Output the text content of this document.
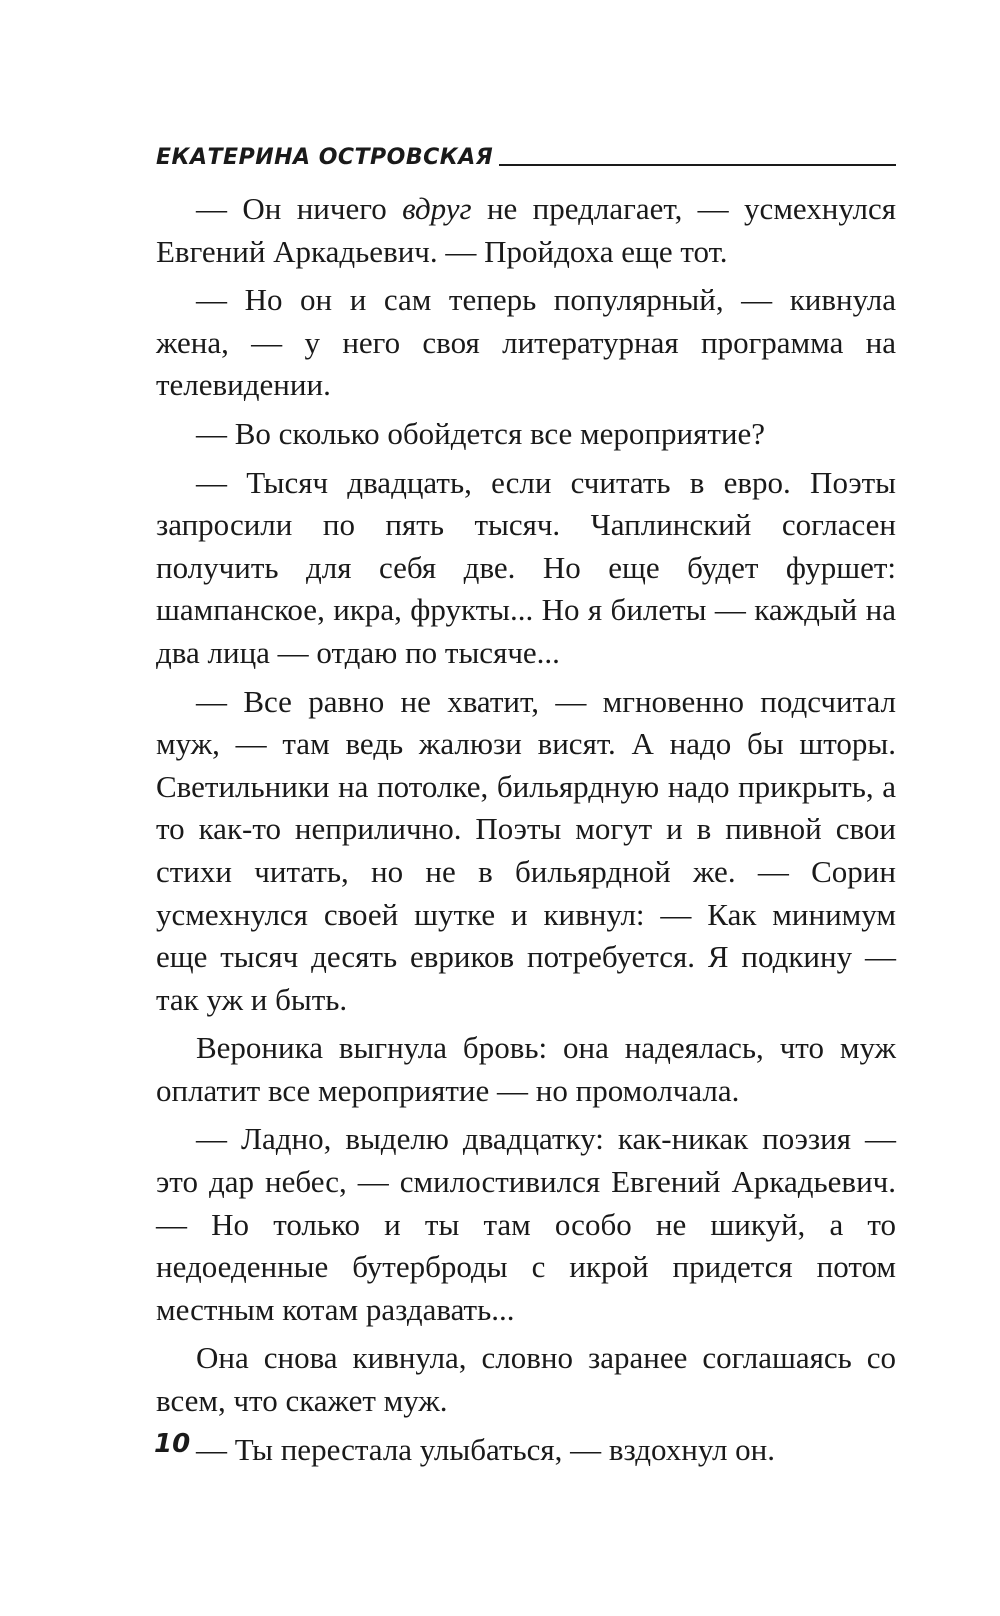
ЕКАТЕРИНА ОСТРОВСКАЯ

— Он ничего вдруг не предлагает, — усмехнулся Евгений Аркадьевич. — Пройдоха еще тот.

— Но он и сам теперь популярный, — кивнула жена, — у него своя литературная программа на телевидении.

— Во сколько обойдется все мероприятие?

— Тысяч двадцать, если считать в евро. Поэты запросили по пять тысяч. Чаплинский согласен получить для себя две. Но еще будет фуршет: шампанское, икра, фрукты... Но я билеты — каждый на два лица — отдаю по тысяче...

— Все равно не хватит, — мгновенно подсчитал муж, — там ведь жалюзи висят. А надо бы шторы. Светильники на потолке, бильярдную надо прикрыть, а то как-то неприлично. Поэты могут и в пивной свои стихи читать, но не в бильярдной же. — Сорин усмехнулся своей шутке и кивнул: — Как минимум еще тысяч десять евриков потребуется. Я подкину — так уж и быть.

Вероника выгнула бровь: она надеялась, что муж оплатит все мероприятие — но промолчала.

— Ладно, выделю двадцатку: как-никак поэзия — это дар небес, — смилостивился Евгений Аркадьевич. — Но только и ты там особо не шикуй, а то недоеденные бутерброды с икрой придется потом местным котам раздавать...

Она снова кивнула, словно заранее соглашаясь со всем, что скажет муж.

— Ты перестала улыбаться, — вздохнул он.

10
